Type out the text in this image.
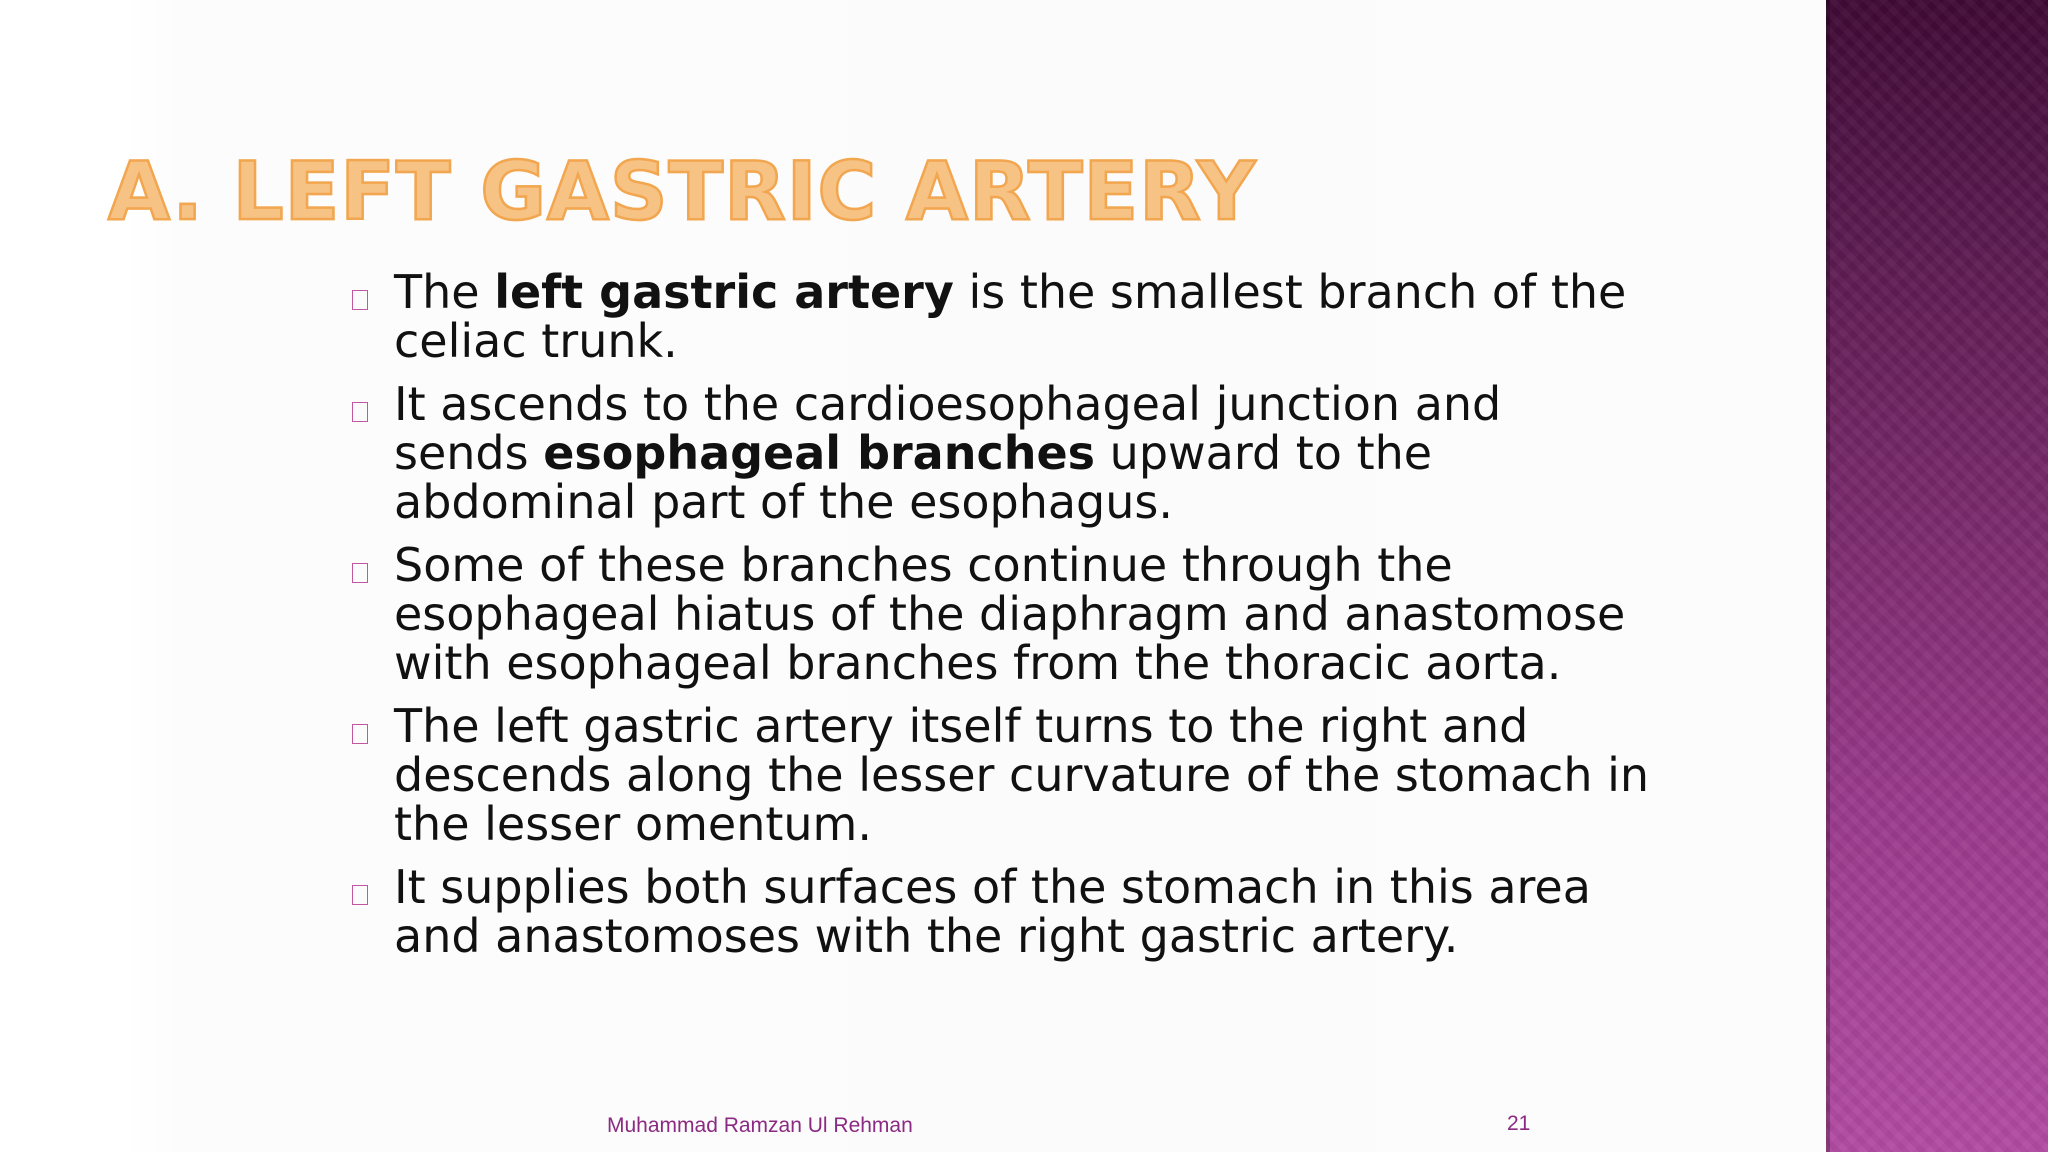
A. LEFT GASTRIC ARTERY
The left gastric artery is the smallest branch of the celiac trunk.
It ascends to the cardioesophageal junction and sends esophageal branches upward to the abdominal part of the esophagus.
Some of these branches continue through the esophageal hiatus of the diaphragm and anastomose with esophageal branches from the thoracic aorta.
The left gastric artery itself turns to the right and descends along the lesser curvature of the stomach in the lesser omentum.
It supplies both surfaces of the stomach in this area and anastomoses with the right gastric artery.
Muhammad Ramzan Ul Rehman	21
